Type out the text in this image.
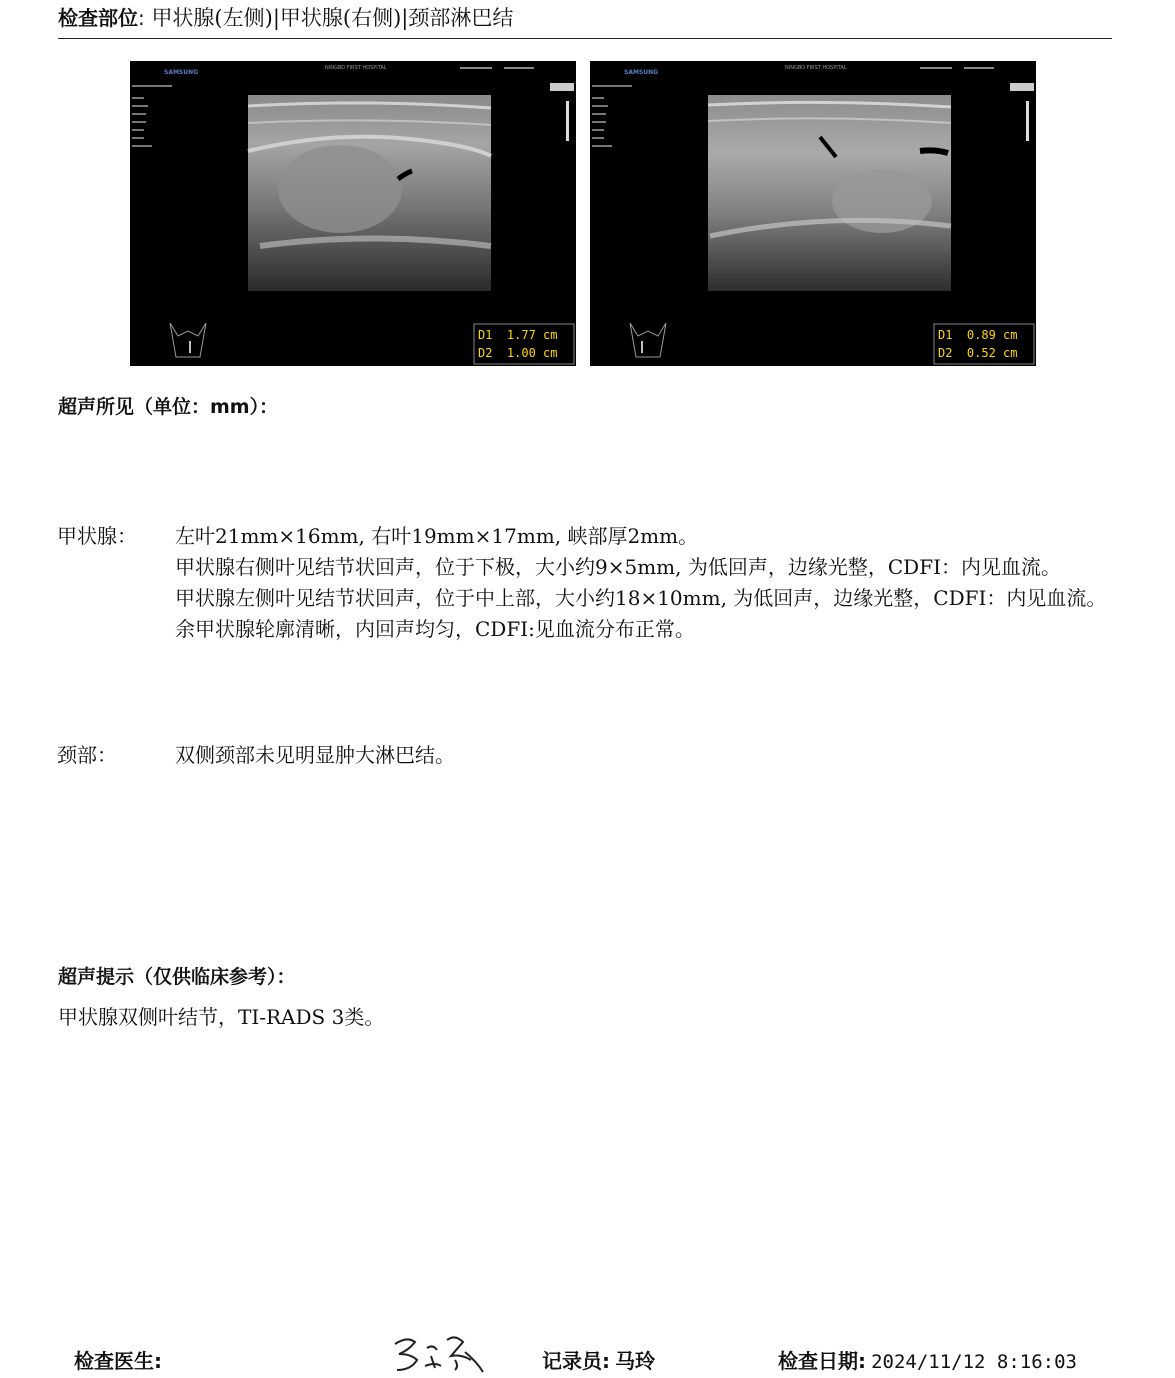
检查部位: 甲状腺(左侧)|甲状腺(右侧)|颈部淋巴结
SAMSUNG
NINGBO FIRST HOSPITAL
D1 1.77 cm
D2 1.00 cm
SAMSUNG
NINGBO FIRST HOSPITAL
D1 0.89 cm
D2 0.52 cm
超声所见（单位：mm）：
甲状腺：	左叶21mm×16mm, 右叶19mm×17mm, 峡部厚2mm。
甲状腺右侧叶见结节状回声，位于下极，大小约9×5mm, 为低回声，边缘光整，CDFI：内见血流。
甲状腺左侧叶见结节状回声，位于中上部，大小约18×10mm, 为低回声，边缘光整，CDFI：内见血流。
余甲状腺轮廓清晰，内回声均匀，CDFI:见血流分布正常。
颈部：	双侧颈部未见明显肿大淋巴结。
超声提示（仅供临床参考）：
甲状腺双侧叶结节，TI-RADS 3类。
检查医生:	记录员: 马玲	检查日期: 2024/11/12 8:16:03
